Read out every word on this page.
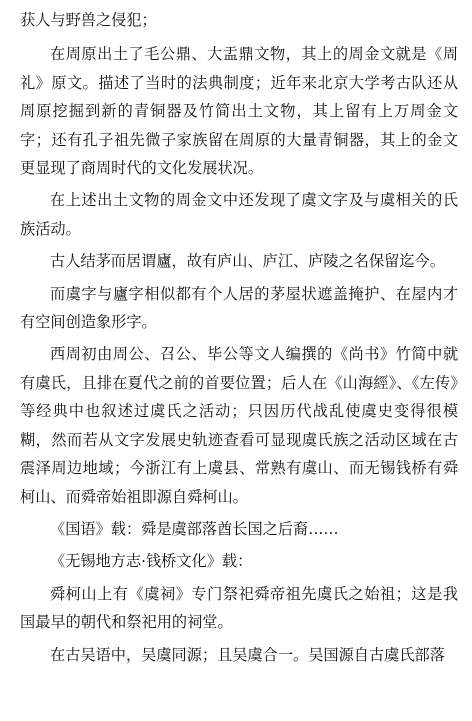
获人与野兽之侵犯；

在周原出土了毛公鼎、大盂鼎文物，其上的周金文就是《周礼》原文。描述了当时的法典制度；近年来北京大学考古队还从周原挖掘到新的青铜器及竹简出土文物，其上留有上万周金文字；还有孔子祖先微子家族留在周原的大量青铜器，其上的金文更显现了商周时代的文化发展状况。

在上述出土文物的周金文中还发现了虞文字及与虞相关的氏族活动。

古人结茅而居谓廬，故有庐山、庐江、庐陵之名保留迄今。

而虞字与廬字相似都有个人居的茅屋状遮盖掩护、在屋内才有空间创造象形字。

西周初由周公、召公、毕公等文人编撰的《尚书》竹简中就有虞氏，且排在夏代之前的首要位置；后人在《山海經》、《左传》等经典中也叙述过虞氏之活动；只因历代战乱使虞史变得很模糊，然而若从文字发展史轨迹查看可显现虞氏族之活动区域在古震泽周边地域；今浙江有上虞县、常熟有虞山、而无锡钱桥有舜柯山、而舜帝始祖即源自舜柯山。

《国语》载：舜是虞部落酋长国之后裔……

《无锡地方志·钱桥文化》载：

舜柯山上有《虞祠》专门祭祀舜帝祖先虞氏之始祖；这是我国最早的朝代和祭祀用的祠堂。

在古吴语中，吴虞同源；且吴虞合一。吴国源自古虞氏部落
